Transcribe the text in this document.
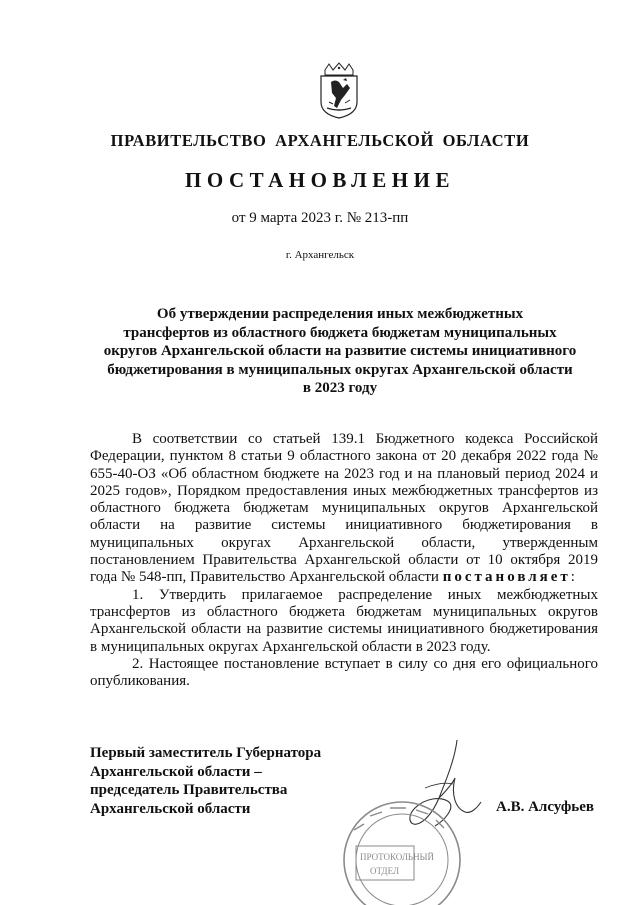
ПРАВИТЕЛЬСТВО АРХАНГЕЛЬСКОЙ ОБЛАСТИ
ПОСТАНОВЛЕНИЕ
от 9 марта 2023 г. № 213-пп
г. Архангельск
Об утверждении распределения иных межбюджетных
трансфертов из областного бюджета бюджетам муниципальных
округов Архангельской области на развитие системы инициативного
бюджетирования в муниципальных округах Архангельской области
в 2023 году

В соответствии со статьей 139.1 Бюджетного кодекса Российской Федерации, пунктом 8 статьи 9 областного закона от 20 декабря 2022 года № 655-40-ОЗ «Об областном бюджете на 2023 год и на плановый период 2024 и 2025 годов», Порядком предоставления иных межбюджетных трансфертов из областного бюджета бюджетам муниципальных округов Архангельской области на развитие системы инициативного бюджетирования в муниципальных округах Архангельской области, утвержденным постановлением Правительства Архангельской области от 10 октября 2019 года № 548-пп, Правительство Архангельской области постановляет:

1. Утвердить прилагаемое распределение иных межбюджетных трансфертов из областного бюджета бюджетам муниципальных округов Архангельской области на развитие системы инициативного бюджетирования в муниципальных округах Архангельской области в 2023 году.

2. Настоящее постановление вступает в силу со дня его официального опубликования.

Первый заместитель Губернатора
Архангельской области –
председатель Правительства
Архангельской области	А.В. Алсуфьев
ПРОТОКОЛЬНЫЙ
ОТДЕЛ
